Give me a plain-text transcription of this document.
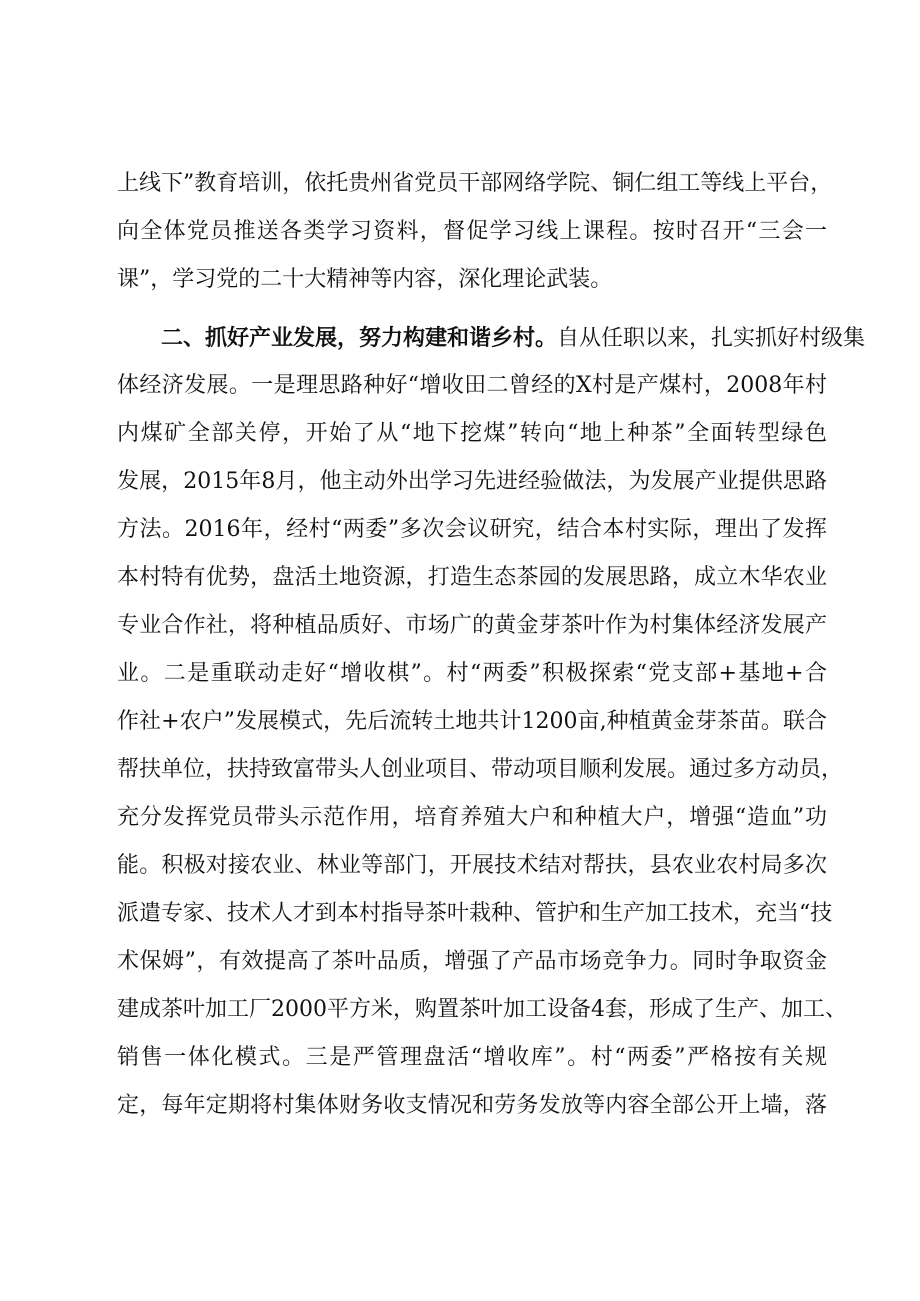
上线下”教育培训，依托贵州省党员干部网络学院、铜仁组工等线上平台，
向全体党员推送各类学习资料，督促学习线上课程。按时召开“三会一
课”，学习党的二十大精神等内容，深化理论武装。
二、抓好产业发展，努力构建和谐乡村。自从任职以来，扎实抓好村级集
体经济发展。一是理思路种好“增收田二曾经的X村是产煤村，2008年村
内煤矿全部关停，开始了从“地下挖煤”转向“地上种茶”全面转型绿色
发展，2015年8月，他主动外出学习先进经验做法，为发展产业提供思路
方法。2016年，经村“两委”多次会议研究，结合本村实际，理出了发挥
本村特有优势，盘活土地资源，打造生态茶园的发展思路，成立木华农业
专业合作社，将种植品质好、市场广的黄金芽茶叶作为村集体经济发展产
业。二是重联动走好“增收棋”。村“两委”积极探索“党支部+基地+合
作社+农户”发展模式，先后流转土地共计1200亩,种植黄金芽茶苗。联合
帮扶单位，扶持致富带头人创业项目、带动项目顺利发展。通过多方动员，
充分发挥党员带头示范作用，培育养殖大户和种植大户，增强“造血”功
能。积极对接农业、林业等部门，开展技术结对帮扶，县农业农村局多次
派遣专家、技术人才到本村指导茶叶栽种、管护和生产加工技术，充当“技
术保姆”，有效提高了茶叶品质，增强了产品市场竞争力。同时争取资金
建成茶叶加工厂2000平方米，购置茶叶加工设备4套，形成了生产、加工、
销售一体化模式。三是严管理盘活“增收库”。村“两委”严格按有关规
定，每年定期将村集体财务收支情况和劳务发放等内容全部公开上墙，落
